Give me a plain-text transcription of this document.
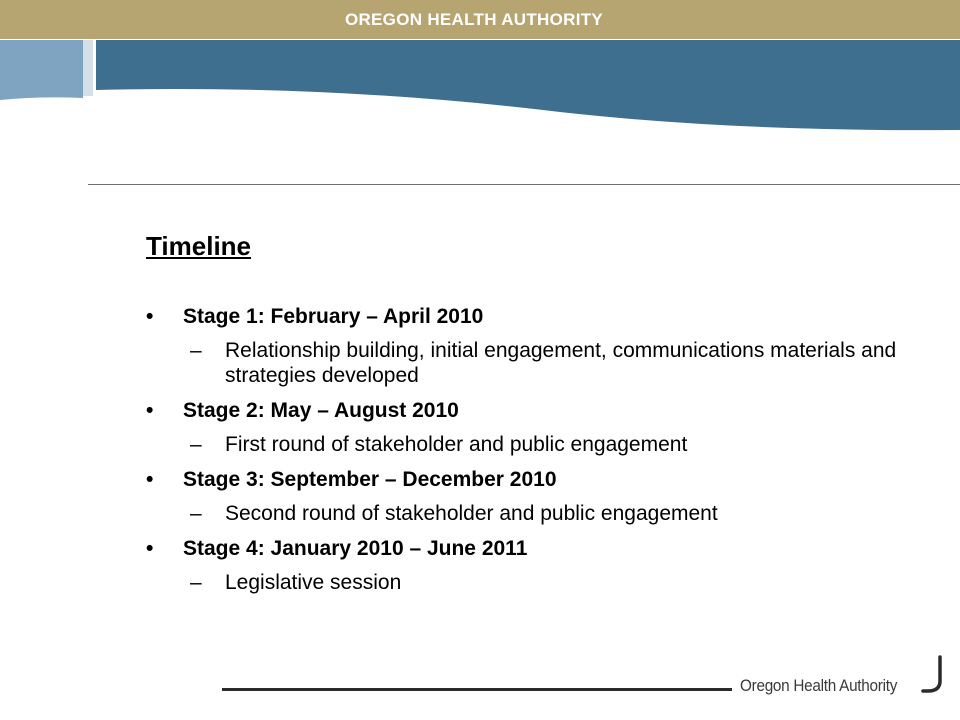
OREGON HEALTH AUTHORITY
Timeline
• Stage 1: February – April 2010
– Relationship building, initial engagement, communications materials and strategies developed
• Stage 2: May – August 2010
– First round of stakeholder and public engagement
• Stage 3: September – December 2010
– Second round of stakeholder and public engagement
• Stage 4: January 2010 – June 2011
– Legislative session
Oregon Health Authority
